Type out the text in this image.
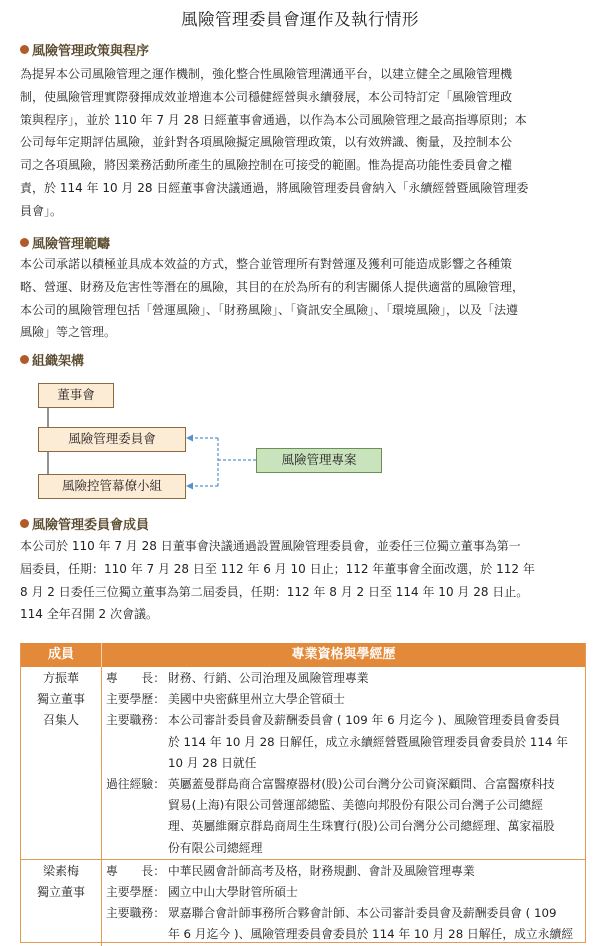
風險管理委員會運作及執行情形
風險管理政策與程序
為提昇本公司風險管理之運作機制，強化整合性風險管理溝通平台，以建立健全之風險管理機
制，使風險管理實際發揮成效並增進本公司穩健經營與永續發展，本公司特訂定「風險管理政
策與程序」，並於 110 年 7 月 28 日經董事會通過，以作為本公司風險管理之最高指導原則；本
公司每年定期評估風險，並針對各項風險擬定風險管理政策，以有效辨識、衡量，及控制本公
司之各項風險，將因業務活動所產生的風險控制在可接受的範圍。惟為提高功能性委員會之權
責，於 114 年 10 月 28 日經董事會決議通過，將風險管理委員會納入「永續經營暨風險管理委
員會」。
風險管理範疇
本公司承諾以積極並具成本效益的方式，整合並管理所有對營運及獲利可能造成影響之各種策
略、營運、財務及危害性等潛在的風險，其目的在於為所有的利害關係人提供適當的風險管理，
本公司的風險管理包括「營運風險」、「財務風險」、「資訊安全風險」、「環境風險」，以及「法遵
風險」等之管理。
組織架構
董事會
風險管理委員會
風險控管幕僚小組
風險管理專案
風險管理委員會成員
本公司於 110 年 7 月 28 日董事會決議通過設置風險管理委員會，並委任三位獨立董事為第一
屆委員，任期：110 年 7 月 28 日至 112 年 6 月 10 日止；112 年董事會全面改選，於 112 年
8 月 2 日委任三位獨立董事為第二屆委員，任期：112 年 8 月 2 日至 114 年 10 月 28 日止。
114 全年召開 2 次會議。
成員	專業資格與學經歷
方振華
獨立董事
召集人
專　　長： 財務、行銷、公司治理及風險管理專業
主要學歷： 美國中央密蘇里州立大學企管碩士
主要職務： 本公司審計委員會及薪酬委員會 ( 109 年 6 月迄今 )、風險管理委員會委員
於 114 年 10 月 28 日解任，成立永續經營暨風險管理委員會委員於 114 年
10 月 28 日就任
過往經驗： 英屬蓋曼群島商合富醫療器材(股)公司台灣分公司資深顧問、合富醫療科技
貿易(上海)有限公司營運部總監、美德向邦股份有限公司台灣子公司總經
理、英屬維爾京群島商周生生珠寶行(股)公司台灣分公司總經理、萬家福股
份有限公司總經理
梁素梅
獨立董事
專　　長： 中華民國會計師高考及格，財務規劃、會計及風險管理專業
主要學歷： 國立中山大學財管所碩士
主要職務： 眾嘉聯合會計師事務所合夥會計師、本公司審計委員會及薪酬委員會 ( 109
年 6 月迄今 )、風險管理委員會委員於 114 年 10 月 28 日解任，成立永續經
